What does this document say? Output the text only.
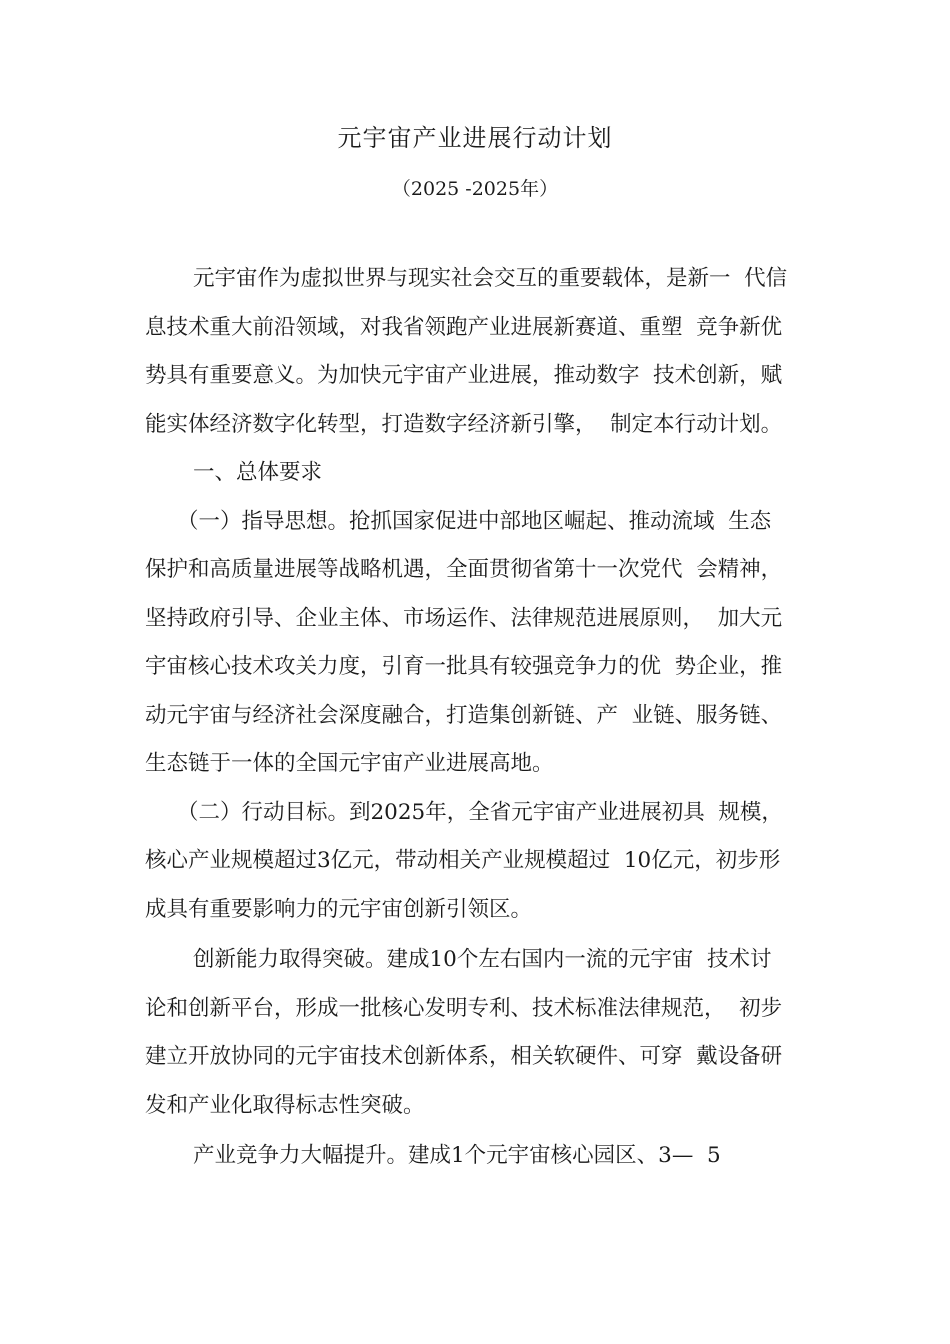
元宇宙产业进展行动计划
（2025 -2025年）

元宇宙作为虚拟世界与现实社会交互的重要载体，是新一  代信

息技术重大前沿领域，对我省领跑产业进展新赛道、重塑  竞争新优

势具有重要意义。为加快元宇宙产业进展，推动数字  技术创新，赋

能实体经济数字化转型，打造数字经济新引擎，  制定本行动计划。

一、总体要求

（一）指导思想。抢抓国家促进中部地区崛起、推动流域  生态

保护和高质量进展等战略机遇，全面贯彻省第十一次党代  会精神，

坚持政府引导、企业主体、市场运作、法律规范进展原则，  加大元

宇宙核心技术攻关力度，引育一批具有较强竞争力的优  势企业，推

动元宇宙与经济社会深度融合，打造集创新链、产  业链、服务链、

生态链于一体的全国元宇宙产业进展高地。

（二）行动目标。到2025年，全省元宇宙产业进展初具  规模，

核心产业规模超过3亿元，带动相关产业规模超过  10亿元，初步形

成具有重要影响力的元宇宙创新引领区。

创新能力取得突破。建成10个左右国内一流的元宇宙  技术讨

论和创新平台，形成一批核心发明专利、技术标准法律规范，  初步

建立开放协同的元宇宙技术创新体系，相关软硬件、可穿  戴设备研

发和产业化取得标志性突破。

产业竞争力大幅提升。建成1个元宇宙核心园区、3—  5
